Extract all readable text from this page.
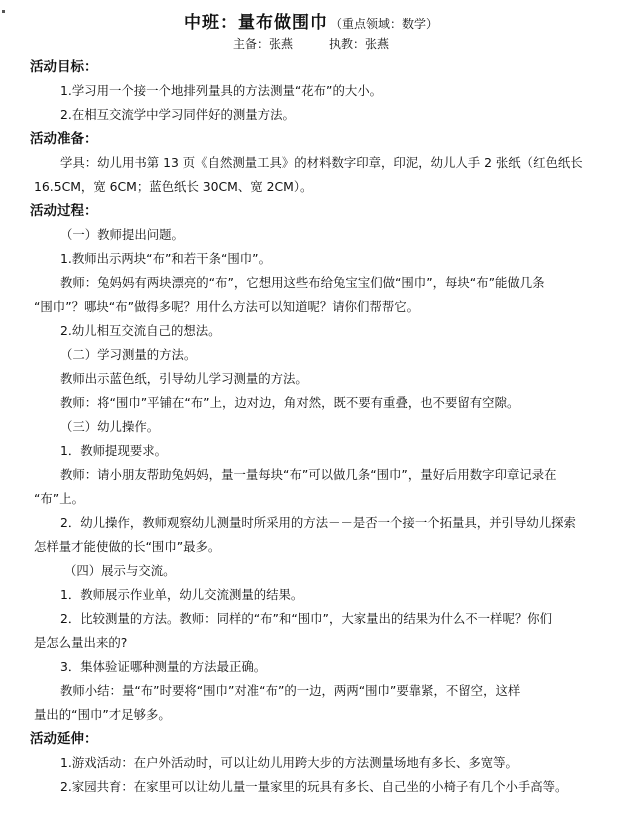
中班：量布做围巾 （重点领域：数学）
主备：张燕	执教：张燕
活动目标：
1.学习用一个接一个地排列量具的方法测量“花布”的大小。
2.在相互交流学中学习同伴好的测量方法。
活动准备：
学具：幼儿用书第 13 页《自然测量工具》的材料数字印章，印泥，幼儿人手 2 张纸（红色纸长
16.5CM，宽 6CM；蓝色纸长 30CM、宽 2CM）。
活动过程：
（一）教师提出问题。
1.教师出示两块“布”和若干条“围巾”。
教师：兔妈妈有两块漂亮的“布”，它想用这些布给兔宝宝们做“围巾”，每块“布”能做几条
“围巾”？哪块“布”做得多呢？用什么方法可以知道呢？请你们帮帮它。
2.幼儿相互交流自己的想法。
（二）学习测量的方法。
教师出示蓝色纸，引导幼儿学习测量的方法。
教师：将“围巾”平铺在“布”上，边对边，角对然，既不要有重叠，也不要留有空隙。
（三）幼儿操作。
1．教师提现要求。
教师：请小朋友帮助兔妈妈，量一量每块“布”可以做几条“围巾”，量好后用数字印章记录在
“布”上。
2．幼儿操作，教师观察幼儿测量时所采用的方法－－是否一个接一个拓量具，并引导幼儿探索
怎样量才能使做的长“围巾”最多。
（四）展示与交流。
1．教师展示作业单，幼儿交流测量的结果。
2．比较测量的方法。教师：同样的“布”和“围巾”，大家量出的结果为什么不一样呢？你们
是怎么量出来的?
3．集体验证哪种测量的方法最正确。
教师小结：量“布”时要将“围巾”对准“布”的一边，两两“围巾”要靠紧，不留空，这样
量出的“围巾”才足够多。
活动延伸：
1.游戏活动：在户外活动时，可以让幼儿用跨大步的方法测量场地有多长、多宽等。
2.家园共育：在家里可以让幼儿量一量家里的玩具有多长、自己坐的小椅子有几个小手高等。
